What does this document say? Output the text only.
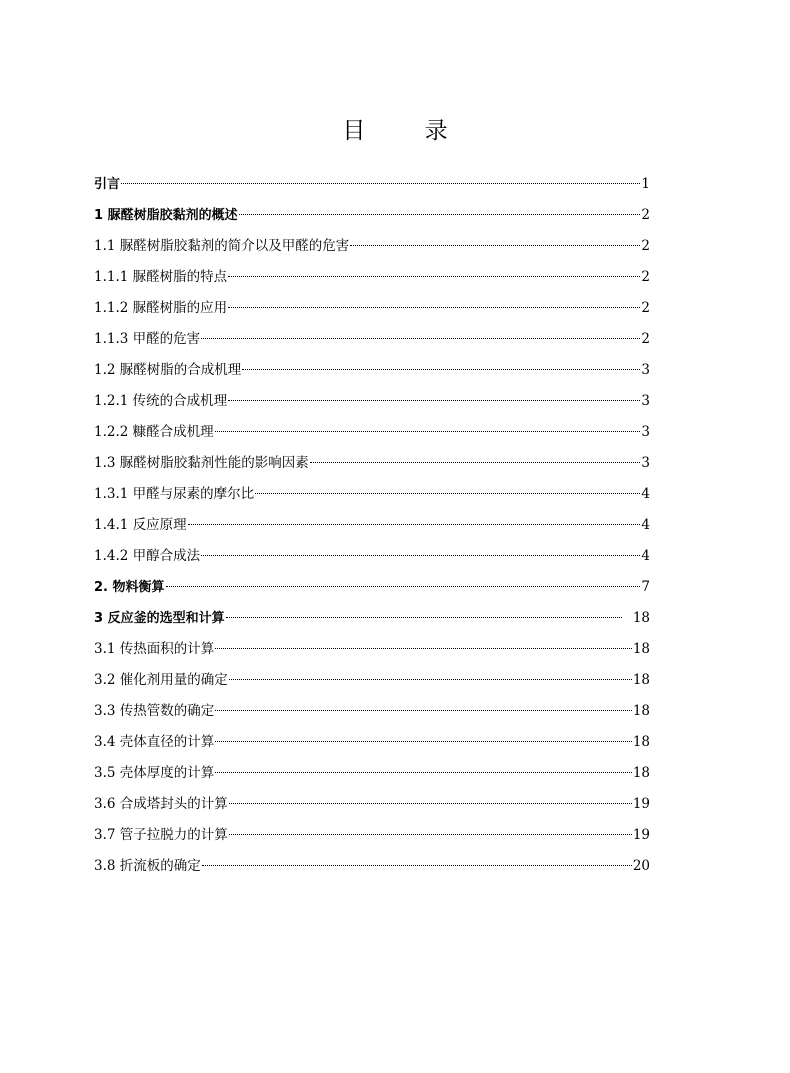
目 录
引言	1
1 脲醛树脂胶黏剂的概述	2
1.1 脲醛树脂胶黏剂的简介以及甲醛的危害	2
1.1.1 脲醛树脂的特点	2
1.1.2 脲醛树脂的应用	2
1.1.3 甲醛的危害	2
1.2 脲醛树脂的合成机理	3
1.2.1 传统的合成机理	3
1.2.2 糠醛合成机理	3
1.3 脲醛树脂胶黏剂性能的影响因素	3
1.3.1 甲醛与尿素的摩尔比	4
1.4.1 反应原理	4
1.4.2 甲醇合成法	4
2. 物料衡算	7
3 反应釜的选型和计算	18
3.1 传热面积的计算	18
3.2 催化剂用量的确定	18
3.3 传热管数的确定	18
3.4 壳体直径的计算	18
3.5 壳体厚度的计算	18
3.6 合成塔封头的计算	19
3.7 管子拉脱力的计算	19
3.8 折流板的确定	20
